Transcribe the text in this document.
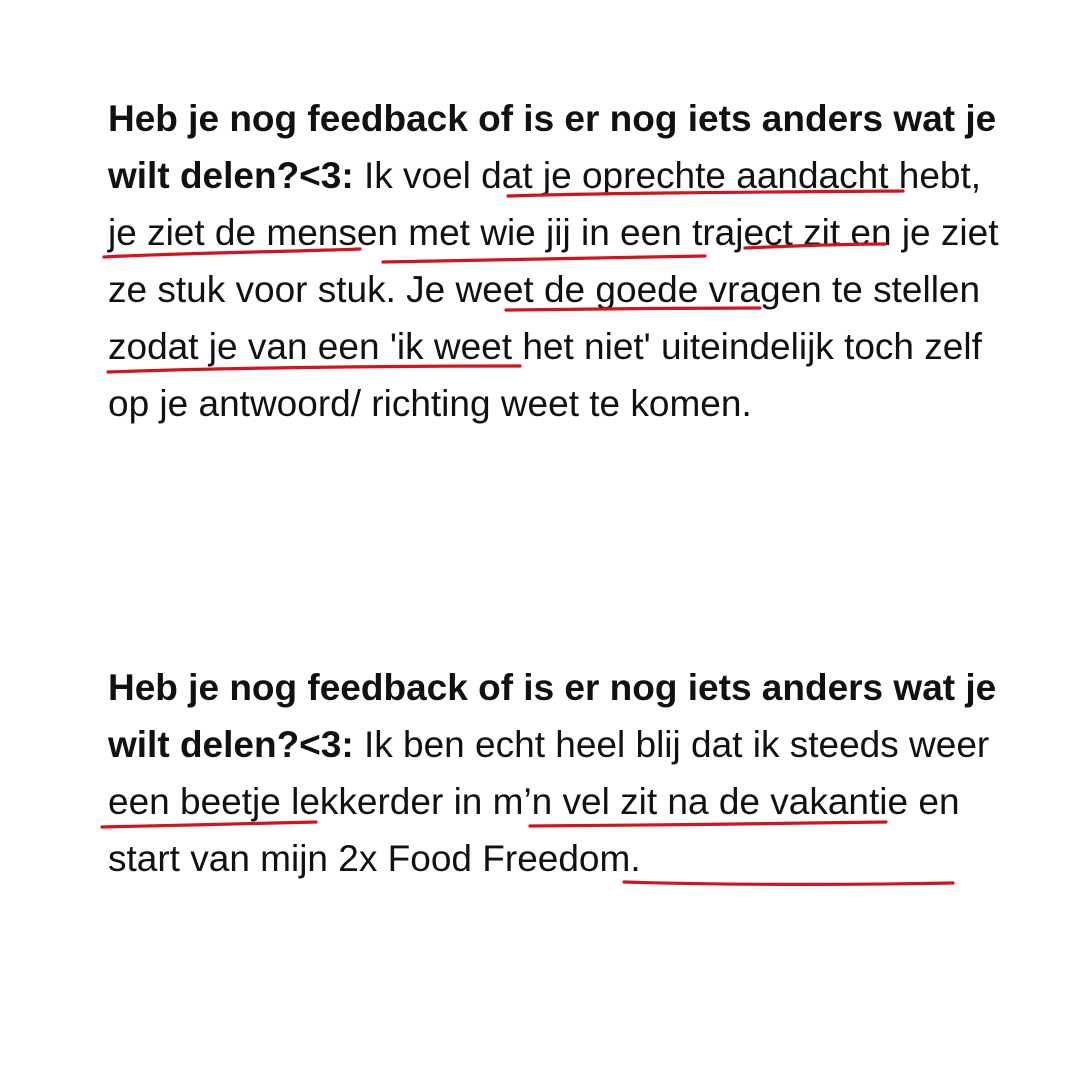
Heb je nog feedback of is er nog iets anders wat je wilt delen?<3: Ik voel dat je oprechte aandacht hebt, je ziet de mensen met wie jij in een traject zit en je ziet ze stuk voor stuk. Je weet de goede vragen te stellen zodat je van een 'ik weet het niet' uiteindelijk toch zelf op je antwoord/ richting weet te komen.

Heb je nog feedback of is er nog iets anders wat je wilt delen?<3: Ik ben echt heel blij dat ik steeds weer een beetje lekkerder in m’n vel zit na de vakantie en start van mijn 2x Food Freedom.
